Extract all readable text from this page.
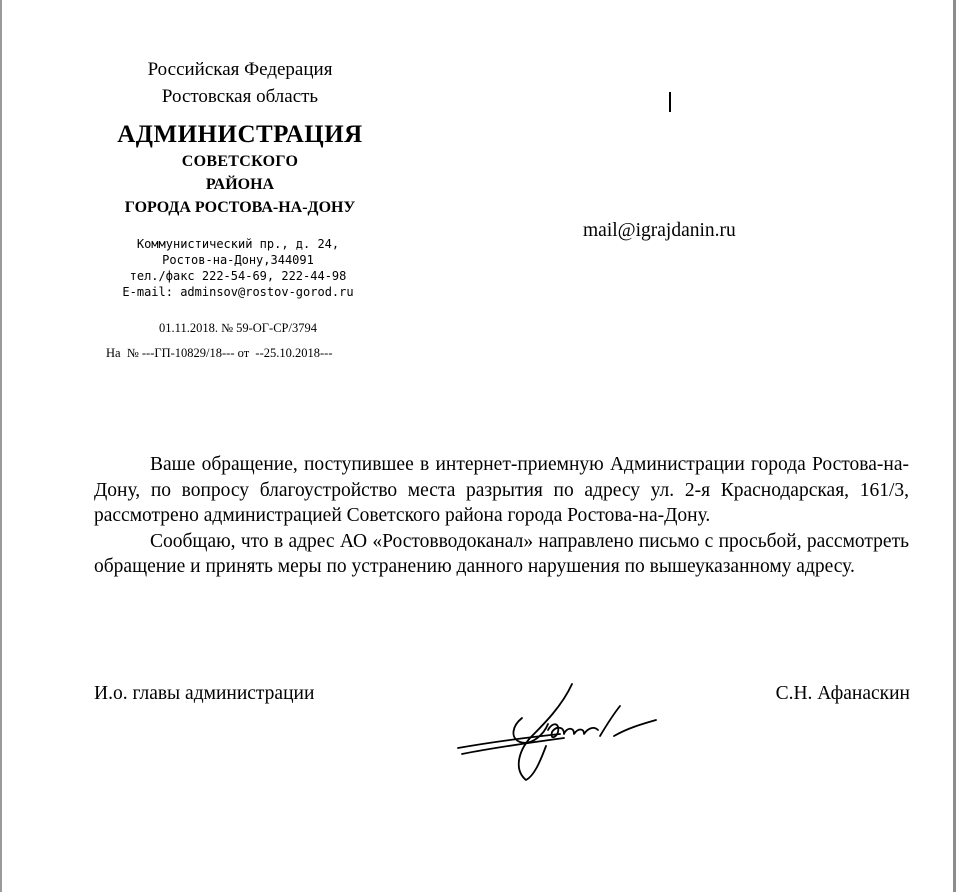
Российская Федерация
Ростовская область
АДМИНИСТРАЦИЯ
СОВЕТСКОГО
РАЙОНА
ГОРОДА РОСТОВА-НА-ДОНУ
Коммунистический пр., д. 24,
Ростов-на-Дону,344091
тел./факс 222-54-69, 222-44-98
E-mail: adminsov@rostov-gorod.ru
01.11.2018. № 59-ОГ-СР/3794
На  № ---ГП-10829/18--- от  --25.10.2018---
mail@igrajdanin.ru

Ваше обращение, поступившее в интернет-приемную Администрации города Ростова-на-Дону, по вопросу благоустройство места разрытия по адресу ул. 2-я Краснодарская, 161/3, рассмотрено администрацией Советского района города Ростова-на-Дону.

Сообщаю, что в адрес АО «Ростовводоканал» направлено письмо с просьбой, рассмотреть обращение и принять меры по устранению данного нарушения по вышеуказанному адресу.

И.о. главы администрации	С.Н. Афанаскин
